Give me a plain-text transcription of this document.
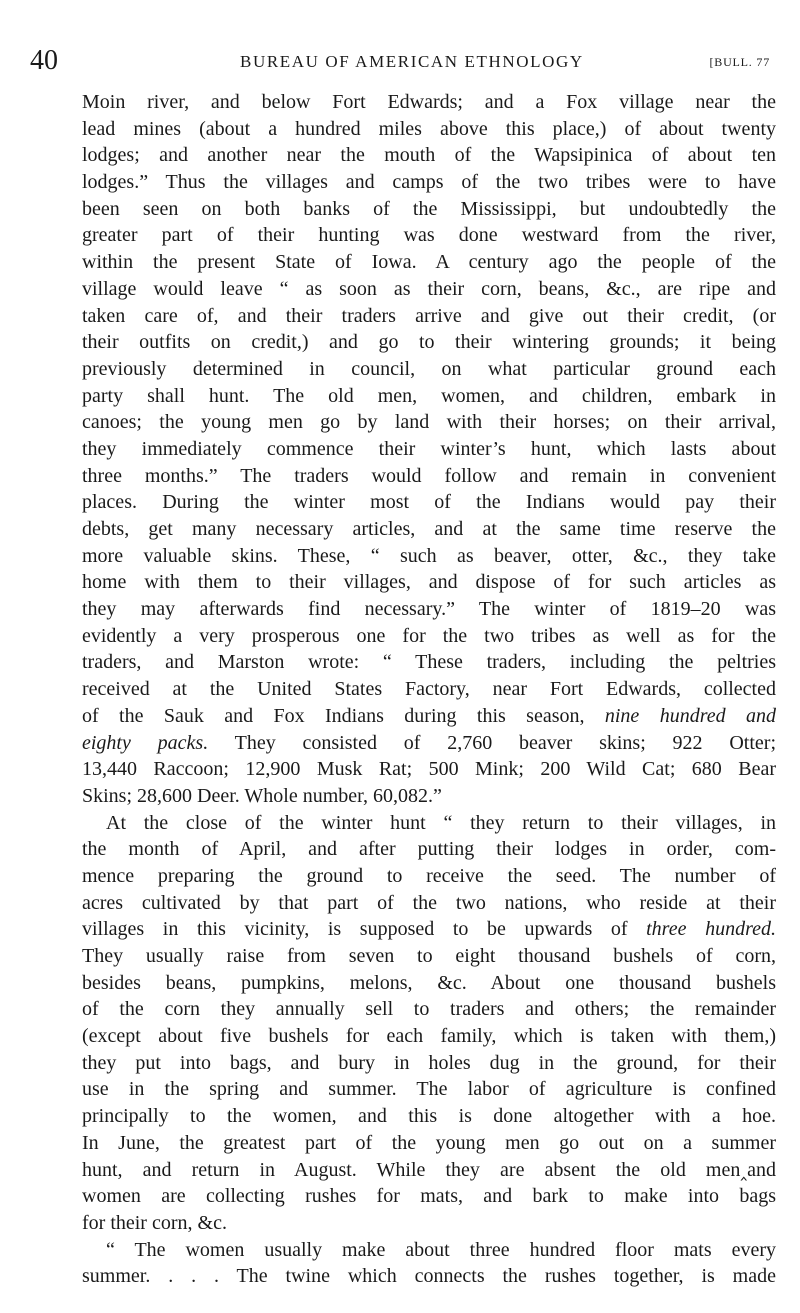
40	BUREAU OF AMERICAN ETHNOLOGY	[BULL. 77
Moin river, and below Fort Edwards; and a Fox village near the
lead mines (about a hundred miles above this place,) of about twenty
lodges; and another near the mouth of the Wapsipinica of about ten
lodges.” Thus the villages and camps of the two tribes were to have
been seen on both banks of the Mississippi, but undoubtedly the
greater part of their hunting was done westward from the river,
within the present State of Iowa. A century ago the people of the
village would leave “ as soon as their corn, beans, &c., are ripe and
taken care of, and their traders arrive and give out their credit, (or
their outfits on credit,) and go to their wintering grounds; it being
previously determined in council, on what particular ground each
party shall hunt. The old men, women, and children, embark in
canoes; the young men go by land with their horses; on their arrival,
they immediately commence their winter’s hunt, which lasts about
three months.” The traders would follow and remain in convenient
places. During the winter most of the Indians would pay their
debts, get many necessary articles, and at the same time reserve the
more valuable skins. These, “ such as beaver, otter, &c., they take
home with them to their villages, and dispose of for such articles as
they may afterwards find necessary.” The winter of 1819–20 was
evidently a very prosperous one for the two tribes as well as for the
traders, and Marston wrote: “ These traders, including the peltries
received at the United States Factory, near Fort Edwards, collected
of the Sauk and Fox Indians during this season, nine hundred and
eighty packs. They consisted of 2,760 beaver skins; 922 Otter;
13,440 Raccoon; 12,900 Musk Rat; 500 Mink; 200 Wild Cat; 680 Bear
Skins; 28,600 Deer. Whole number, 60,082.”
At the close of the winter hunt “ they return to their villages, in
the month of April, and after putting their lodges in order, com-
mence preparing the ground to receive the seed. The number of
acres cultivated by that part of the two nations, who reside at their
villages in this vicinity, is supposed to be upwards of three hundred.
They usually raise from seven to eight thousand bushels of corn,
besides beans, pumpkins, melons, &c. About one thousand bushels
of the corn they annually sell to traders and others; the remainder
(except about five bushels for each family, which is taken with them,)
they put into bags, and bury in holes dug in the ground, for their
use in the spring and summer. The labor of agriculture is confined
principally to the women, and this is done altogether with a hoe.
In June, the greatest part of the young men go out on a summer
hunt, and return in August. While they are absent the old men‸and
women are collecting rushes for mats, and bark to make into bags
for their corn, &c.
“ The women usually make about three hundred floor mats every
summer. . . . The twine which connects the rushes together, is made
